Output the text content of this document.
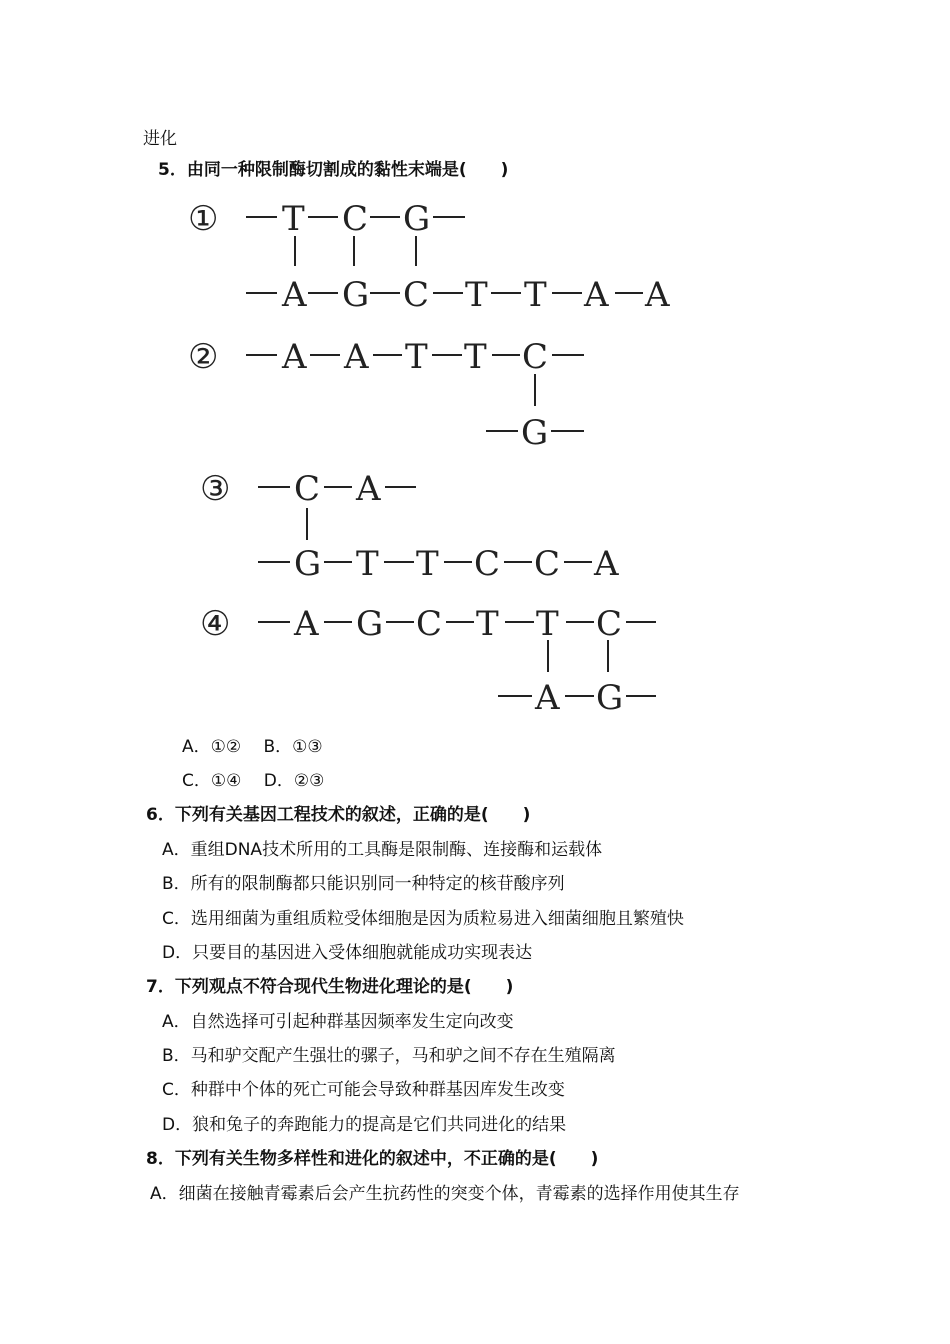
进化
5．由同一种限制酶切割成的黏性末端是(　　)
① T C G
A G C T T A A
② A A T T C
G
③ C A
G T T C C A
④ A G C T T C
A G
A．①②　 B．①③
C．①④　 D．②③
6．下列有关基因工程技术的叙述，正确的是(　　)
A．重组DNA技术所用的工具酶是限制酶、连接酶和运载体
B．所有的限制酶都只能识别同一种特定的核苷酸序列
C．选用细菌为重组质粒受体细胞是因为质粒易进入细菌细胞且繁殖快
D．只要目的基因进入受体细胞就能成功实现表达
7．下列观点不符合现代生物进化理论的是(　　)
A．自然选择可引起种群基因频率发生定向改变
B．马和驴交配产生强壮的骡子，马和驴之间不存在生殖隔离
C．种群中个体的死亡可能会导致种群基因库发生改变
D．狼和兔子的奔跑能力的提高是它们共同进化的结果
8．下列有关生物多样性和进化的叙述中，不正确的是(　　)
A．细菌在接触青霉素后会产生抗药性的突变个体，青霉素的选择作用使其生存
